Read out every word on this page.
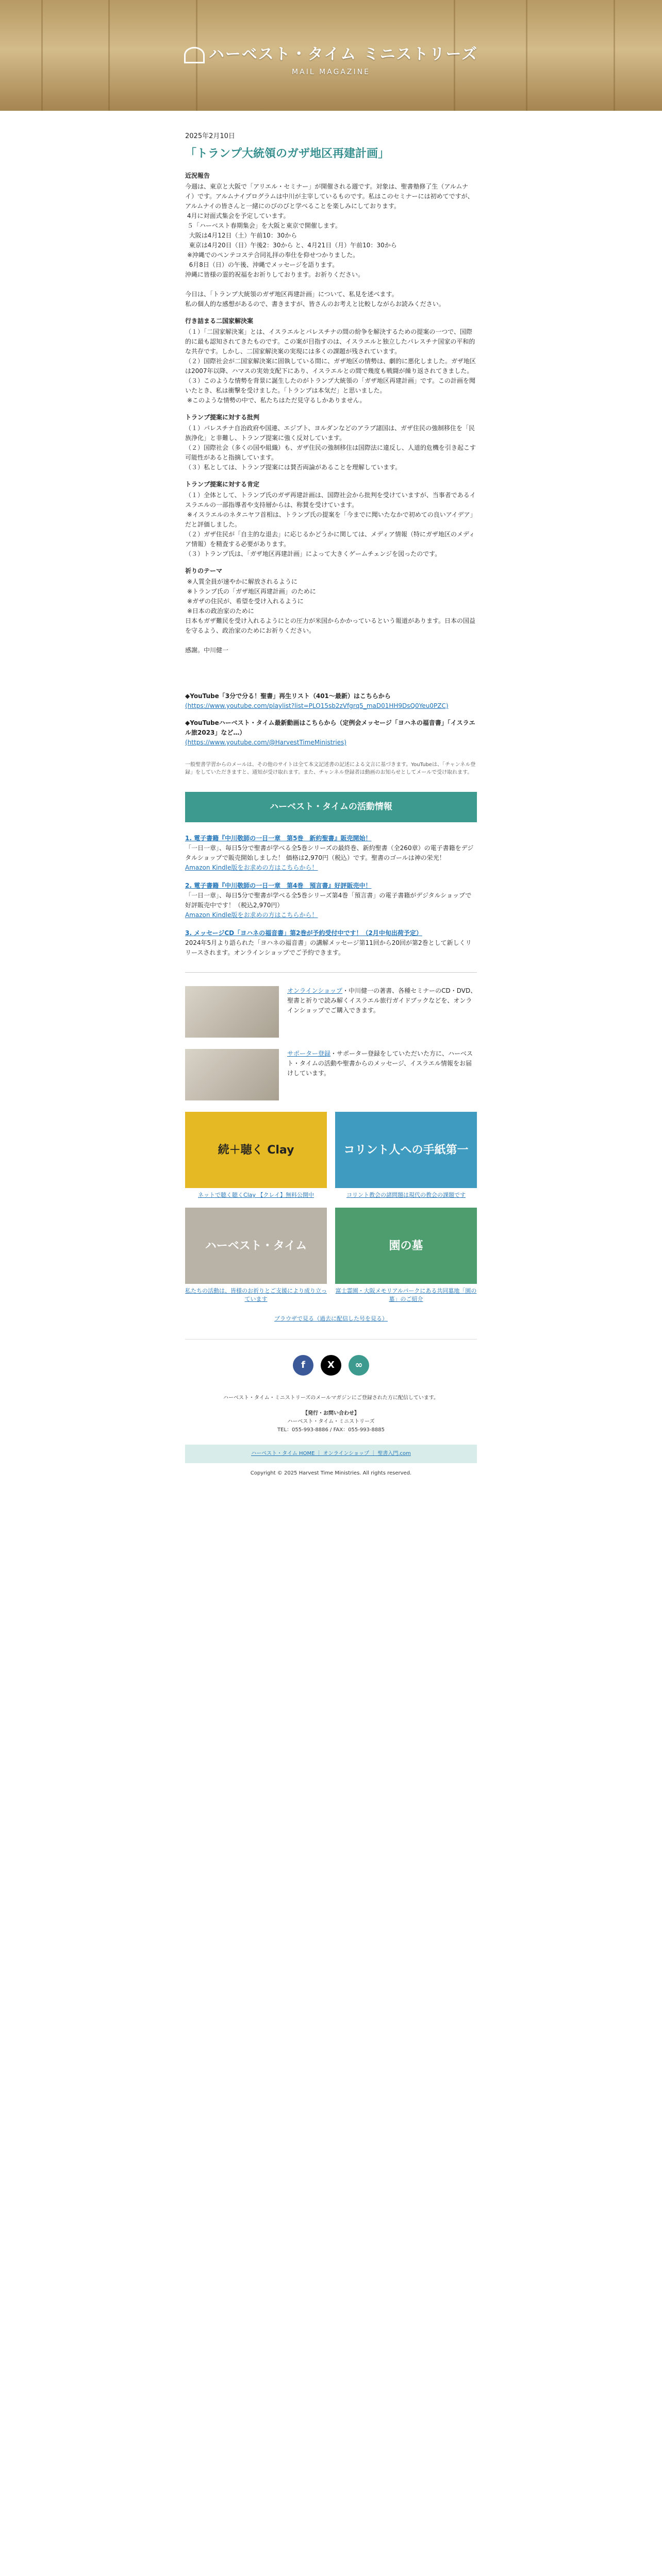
ハーベスト・タイム ミニストリーズ
MAIL MAGAZINE
2025年2月10日
「トランプ大統領のガザ地区再建計画」
近況報告
今週は、東京と大阪で「アリエル・セミナー」が開催される週です。対象は、聖書塾修了生（アルムナイ）です。アルムナイプログラムは中川が主宰しているものです。私はこのセミナーには初めてですが、アルムナイの皆さんと一緒にのびのびと学べることを楽しみにしております。
4月に対面式集会を予定しています。
５「ハーベスト春期集会」を大阪と東京で開催します。
大阪は4月12日（土）午前10：30から
東京は4月20日（日）午後2：30から と、4月21日（月）午前10：30から
※沖縄でのペンテコステ合同礼拝の奉仕を仰せつかりました。
6月8日（日）の午後、沖縄でメッセージを語ります。
沖縄に皆様の霊的祝福をお祈りしております。お祈りください。

今日は、「トランプ大統領のガザ地区再建計画」について、私見を述べます。
私の個人的な感想があるので、書きますが、皆さんのお考えと比較しながらお読みください。
行き詰まる二国家解決案
（１）「二国家解決案」とは、イスラエルとパレスチナの間の紛争を解決するための提案の一つで、国際的に最も認知されてきたものです。この案が目指すのは、イスラエルと独立したパレスチナ国家の平和的な共存です。しかし、二国家解決案の実現には多くの課題が残されています。
（２）国際社会が二国家解決案に固執している間に、ガザ地区の情勢は、劇的に悪化しました。ガザ地区は2007年以降、ハマスの実効支配下にあり、イスラエルとの間で幾度も戦闘が繰り返されてきました。
（３）このような情勢を背景に誕生したのがトランプ大統領の「ガザ地区再建計画」です。この計画を聞いたとき、私は衝撃を受けました。「トランプは本気だ」と思いました。
※このような情勢の中で、私たちはただ見守るしかありません。
トランプ提案に対する批判
（１）パレスチナ自治政府や国連、エジプト、ヨルダンなどのアラブ諸国は、ガザ住民の強制移住を「民族浄化」と非難し、トランプ提案に強く反対しています。
（２）国際社会（多くの国や組織）も、ガザ住民の強制移住は国際法に違反し、人道的危機を引き起こす可能性があると指摘しています。
（３）私としては、トランプ提案には賛否両論があることを理解しています。
トランプ提案に対する肯定
（１）全体として、トランプ氏のガザ再建計画は、国際社会から批判を受けていますが、当事者であるイスラエルの一部指導者や支持層からは、称賛を受けています。
※イスラエルのネタニヤフ首相は、トランプ氏の提案を「今までに聞いたなかで初めての良いアイデア」だと評価しました。
（２）ガザ住民が「自主的な退去」に応じるかどうかに関しては、メディア情報（特にガザ地区のメディア情報）を精査する必要があります。
（３）トランプ氏は、「ガザ地区再建計画」によって大きくゲームチェンジを図ったのです。
祈りのテーマ
※人質全員が速やかに解放されるように
※トランプ氏の「ガザ地区再建計画」のために
※ガザの住民が、希望を受け入れるように
※日本の政治家のために
日本もガザ難民を受け入れるようにとの圧力が米国からかかっているという報道があります。日本の国益を守るよう、政治家のためにお祈りください。

感謝。中川健一
◆YouTube「3分で分る！聖書」再生リスト（401〜最新）はこちらから
(https://www.youtube.com/playlist?list=PLO15sb2zVfgrq5_maD01HH9DsQ0Yeu0PZC)
◆YouTubeハーベスト・タイム最新動画はこちらから（定例会メッセージ「ヨハネの福音書」「イスラエル旅2023」など…）
(https://www.youtube.com/@HarvestTimeMinistries)
一般聖書学習からのメールは、その他のサイトは全て本文記述書の記述による文言に基づきます。YouTubeは、「チャンネル登録」をしていただきますと、通知が受け取れます。また、チャンネル登録者は動画のお知らせとしてメールで受け取れます。
ハーベスト・タイムの活動情報
1. 電子書籍『中川敬師の一日一章　第5巻　新約聖書』販売開始！
「一日一章」、毎日5分で聖書が学べる全5巻シリーズの最終巻、新約聖書（全260章）の電子書籍をデジタルショップで販売開始しました！ 価格は2,970円（税込）です。聖書のゴールは神の栄光！
Amazon Kindle版をお求めの方はこちらから！
2. 電子書籍『中川敬師の一日一章　第4巻　預言書』好評販売中！
「一日一章」、毎日5分で聖書が学べる全5巻シリーズ第4巻「預言書」の電子書籍がデジタルショップで好評販売中です！（税込2,970円）
Amazon Kindle版をお求めの方はこちらから！
3. メッセージCD「ヨハネの福音書」第2巻が予約受付中です！（2月中旬出荷予定）
2024年5月より語られた「ヨハネの福音書」の講解メッセージ第11回から20回が第2巻として新しくリリースされます。オンラインショップでご予約できます。
オンラインショップ・中川健一の著書、各種セミナーのCD・DVD、聖書と祈りで読み解くイスラエル旅行ガイドブックなどを、オンラインショップでご購入できます。
サポーター登録・サポーター登録をしていただいた方に、ハーベスト・タイムの活動や聖書からのメッセージ、イスラエル情報をお届けしています。
続＋聴く Clay
ネットで聴く聴くClay 【クレイ】無料公開中
コリント人への手紙第一
コリント教会の諸問題は現代の教会の課題です
ハーベスト・タイム
私たちの活動は、皆様のお祈りとご支援により成り立っています
園の墓
富士霊園・大阪メモリアルパークにある共同墓地「園の墓」のご紹介
ブラウザで見る（過去に配信した号を見る）
f	X	∞
ハーベスト・タイム・ミニストリーズのメールマガジンにご登録された方に配信しています。
【発行・お問い合わせ】
ハーベスト・タイム・ミニストリーズ
TEL：055-993-8886 / FAX：055-993-8885
ハーベスト・タイム HOME ｜ オンラインショップ ｜ 聖書入門.com
Copyright © 2025 Harvest Time Ministries. All rights reserved.
